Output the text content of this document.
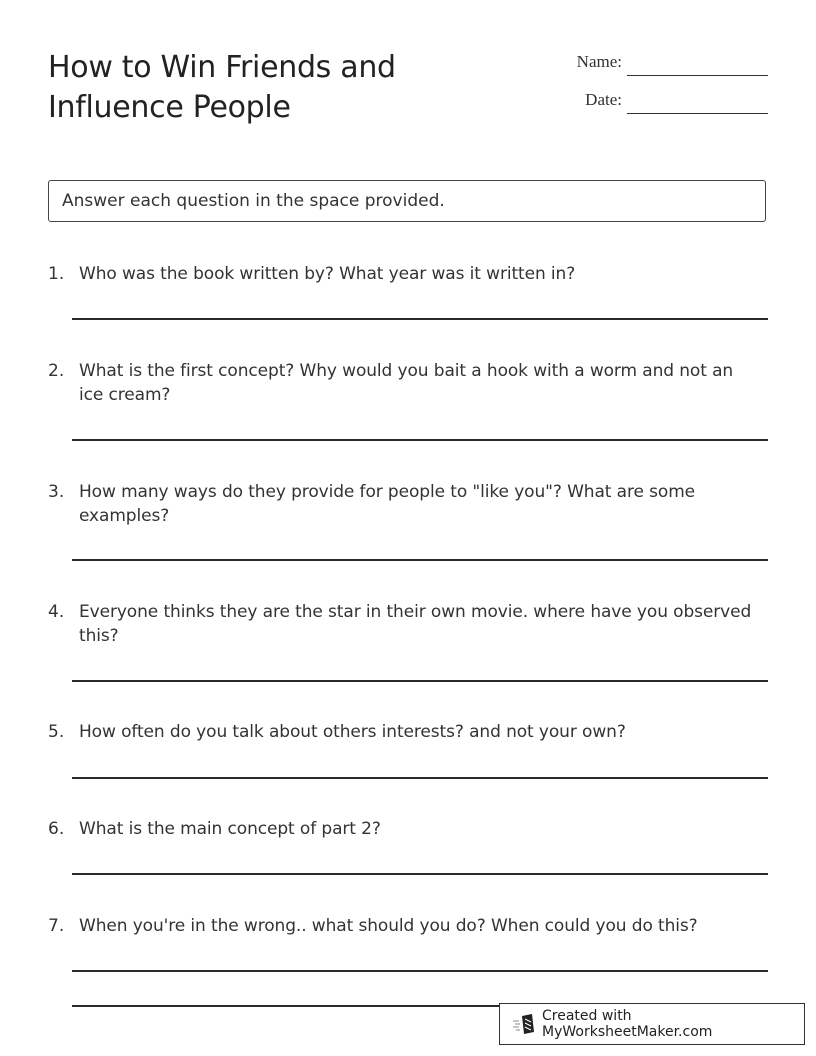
How to Win Friends and Influence People
Name:
Date:
Answer each question in the space provided.
1. Who was the book written by? What year was it written in?
2. What is the first concept? Why would you bait a hook with a worm and not an ice cream?
3. How many ways do they provide for people to "like you"? What are some examples?
4. Everyone thinks they are the star in their own movie. where have you observed this?
5. How often do you talk about others interests? and not your own?
6. What is the main concept of part 2?
7. When you're in the wrong.. what should you do? When could you do this?
Created with MyWorksheetMaker.com
